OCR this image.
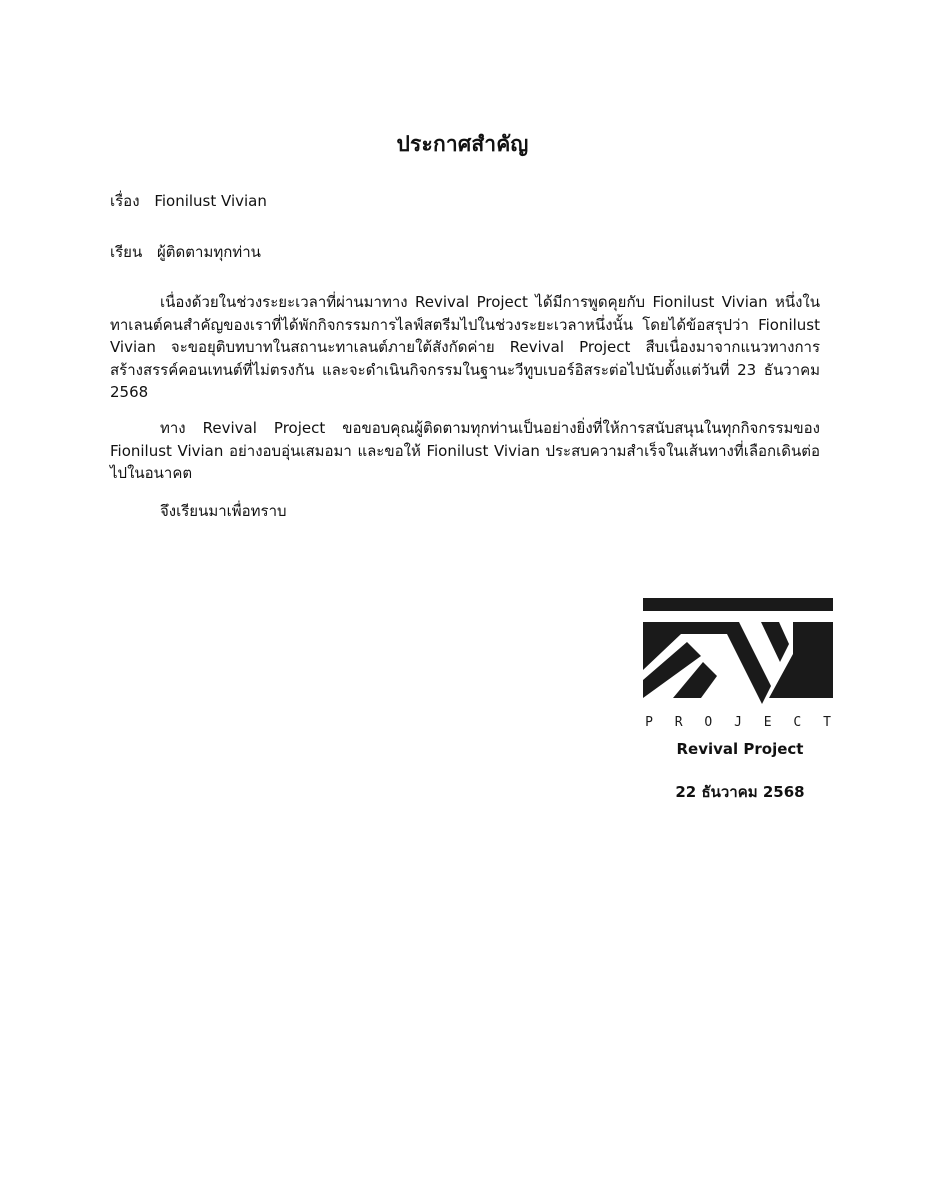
ประกาศสำคัญ
เรื่อง Fionilust Vivian
เรียน ผู้ติดตามทุกท่าน

เนื่องด้วยในช่วงระยะเวลาที่ผ่านมาทาง Revival Project ได้มีการพูดคุยกับ Fionilust Vivian หนึ่งในทาเลนต์คนสำคัญของเราที่ได้พักกิจกรรมการไลฟ์สตรีมไปในช่วงระยะเวลาหนึ่งนั้น โดยได้ข้อสรุปว่า Fionilust Vivian จะขอยุติบทบาทในสถานะทาเลนต์ภายใต้สังกัดค่าย Revival Project สืบเนื่องมาจากแนวทางการสร้างสรรค์คอนเทนต์ที่ไม่ตรงกัน และจะดำเนินกิจกรรมในฐานะวีทูบเบอร์อิสระต่อไปนับตั้งแต่วันที่ 23 ธันวาคม 2568

ทาง Revival Project ขอขอบคุณผู้ติดตามทุกท่านเป็นอย่างยิ่งที่ให้การสนับสนุนในทุกกิจกรรมของ Fionilust Vivian อย่างอบอุ่นเสมอมา และขอให้ Fionilust Vivian ประสบความสำเร็จในเส้นทางที่เลือกเดินต่อไปในอนาคต

จึงเรียนมาเพื่อทราบ
P R O J E C T
Revival Project
22 ธันวาคม 2568
